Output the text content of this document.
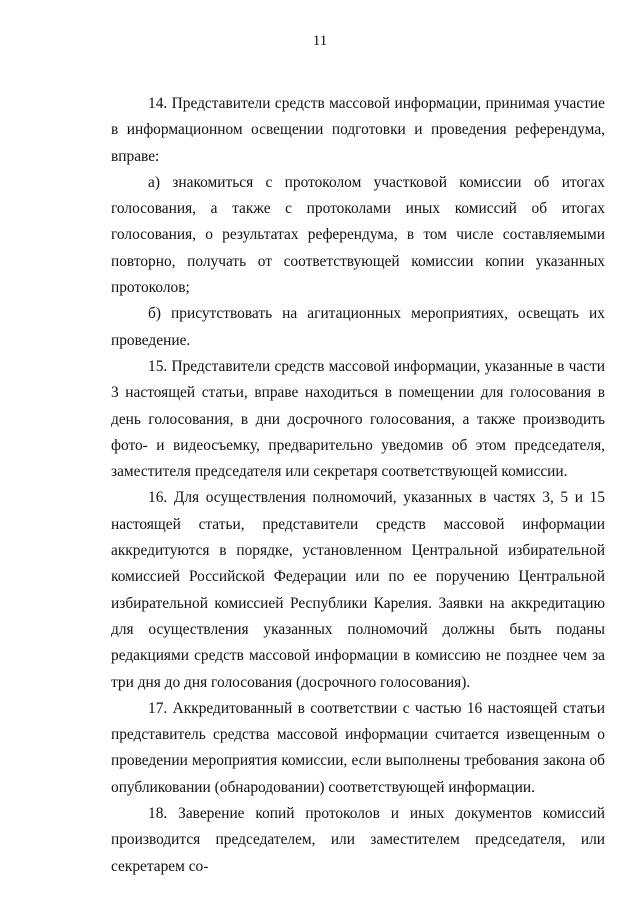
11

14. Представители средств массовой информации, принимая участие в информационном освещении подготовки и проведения референдума, вправе:

а) знакомиться с протоколом участковой комиссии об итогах голосования, а также с протоколами иных комиссий об итогах голосования, о результатах референдума, в том числе составляемыми повторно, получать от соответствующей комиссии копии указанных протоколов;

б) присутствовать на агитационных мероприятиях, освещать их проведение.

15. Представители средств массовой информации, указанные в части 3 настоящей статьи, вправе находиться в помещении для голосования в день голосования, в дни досрочного голосования, а также производить фото- и видеосъемку, предварительно уведомив об этом председателя, заместителя председателя или секретаря соответствующей комиссии.

16. Для осуществления полномочий, указанных в частях 3, 5 и 15 настоящей статьи, представители средств массовой информации аккредитуются в порядке, установленном Центральной избирательной комиссией Российской Федерации или по ее поручению Центральной избирательной комиссией Республики Карелия. Заявки на аккредитацию для осуществления указанных полномочий должны быть поданы редакциями средств массовой информации в комиссию не позднее чем за три дня до дня голосования (досрочного голосования).

17. Аккредитованный в соответствии с частью 16 настоящей статьи представитель средства массовой информации считается извещенным о проведении мероприятия комиссии, если выполнены требования закона об опубликовании (обнародовании) соответствующей информации.

18. Заверение копий протоколов и иных документов комиссий производится председателем, или заместителем председателя, или секретарем со-
